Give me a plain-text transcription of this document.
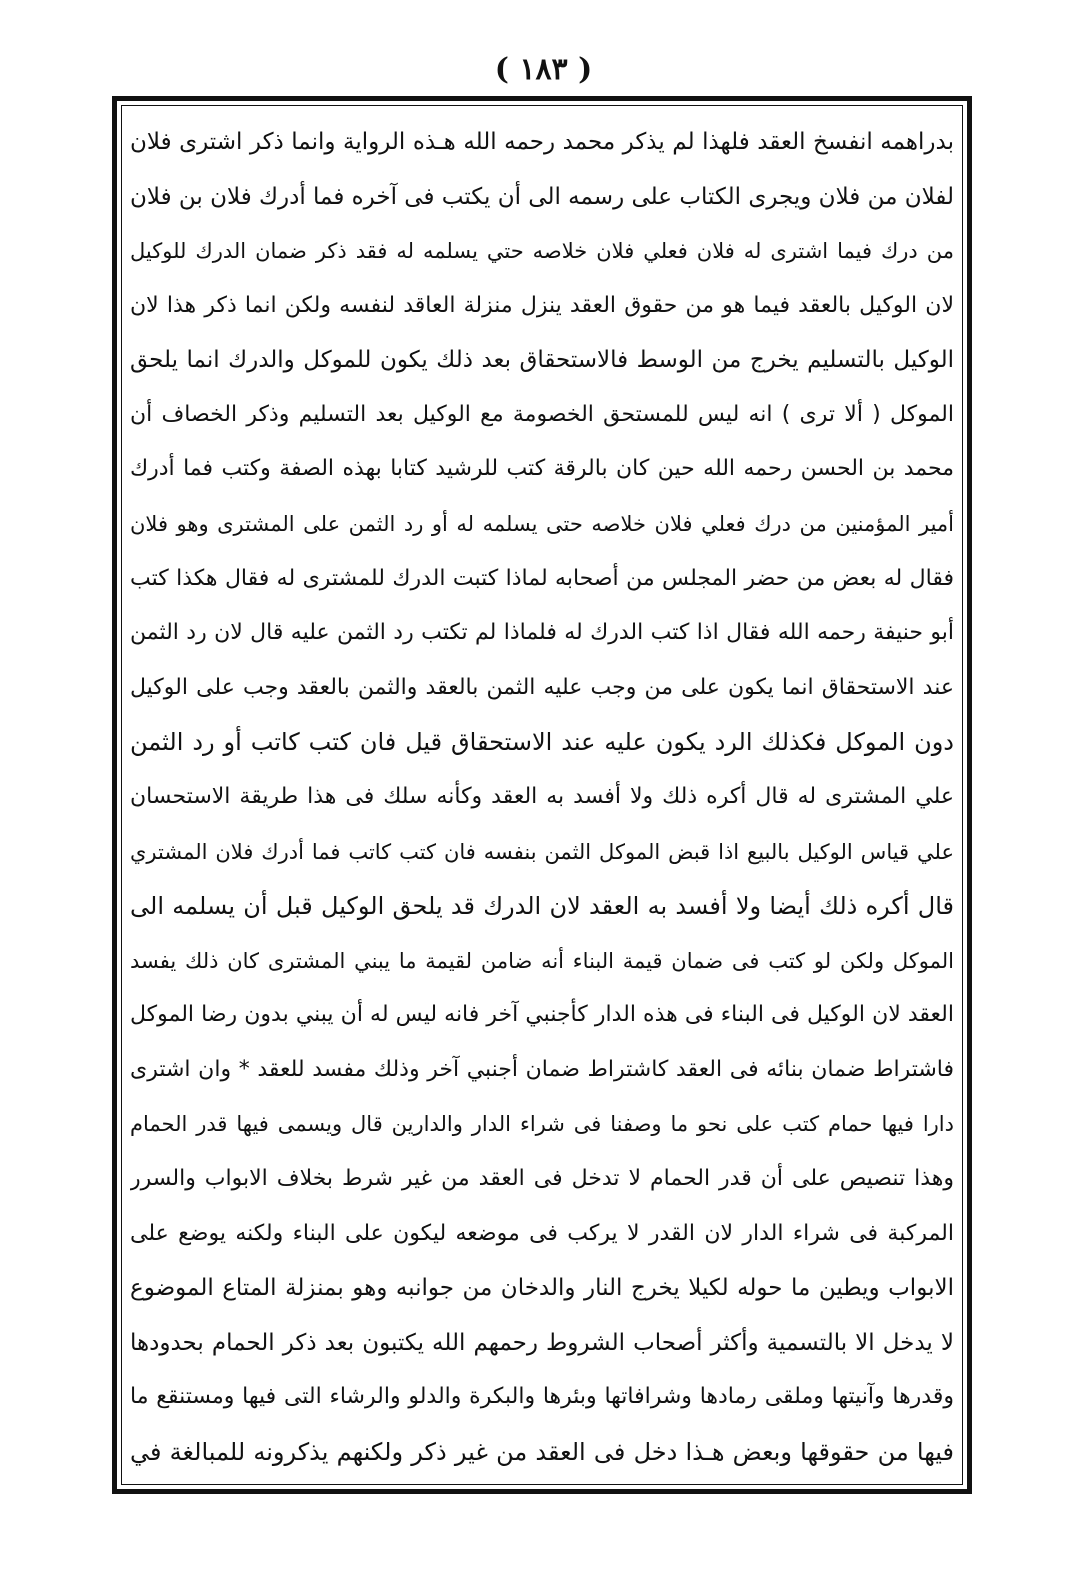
( ١٨٣ )
بدراهمه انفسخ العقد فلهذا لم يذكر محمد رحمه الله هـذه الرواية وانما ذكر اشترى فلان
لفلان من فلان ويجرى الكتاب على رسمه الى أن يكتب فى آخره فما أدرك فلان بن فلان
من درك فيما اشترى له فلان فعلي فلان خلاصه حتي يسلمه له فقد ذكر ضمان الدرك للوكيل
لان الوكيل بالعقد فيما هو من حقوق العقد ينزل منزلة العاقد لنفسه ولكن انما ذكر هذا لان
الوكيل بالتسليم يخرج من الوسط فالاستحقاق بعد ذلك يكون للموكل والدرك انما يلحق
الموكل ( ألا ترى ) انه ليس للمستحق الخصومة مع الوكيل بعد التسليم وذكر الخصاف أن
محمد بن الحسن رحمه الله حين كان بالرقة كتب للرشيد كتابا بهذه الصفة وكتب فما أدرك
أمير المؤمنين من درك فعلي فلان خلاصه حتى يسلمه له أو رد الثمن على المشترى وهو فلان
فقال له بعض من حضر المجلس من أصحابه لماذا كتبت الدرك للمشترى له فقال هكذا كتب
أبو حنيفة رحمه الله فقال اذا كتب الدرك له فلماذا لم تكتب رد الثمن عليه قال لان رد الثمن
عند الاستحقاق انما يكون على من وجب عليه الثمن بالعقد والثمن بالعقد وجب على الوكيل
دون الموكل فكذلك الرد يكون عليه عند الاستحقاق قيل فان كتب كاتب أو رد الثمن
علي المشترى له قال أكره ذلك ولا أفسد به العقد وكأنه سلك فى هذا طريقة الاستحسان
علي قياس الوكيل بالبيع اذا قبض الموكل الثمن بنفسه فان كتب كاتب فما أدرك فلان المشتري
قال أكره ذلك أيضا ولا أفسد به العقد لان الدرك قد يلحق الوكيل قبل أن يسلمه الى
الموكل ولكن لو كتب فى ضمان قيمة البناء أنه ضامن لقيمة ما يبني المشترى كان ذلك يفسد
العقد لان الوكيل فى البناء فى هذه الدار كأجنبي آخر فانه ليس له أن يبني بدون رضا الموكل
فاشتراط ضمان بنائه فى العقد كاشتراط ضمان أجنبي آخر وذلك مفسد للعقد * وان اشترى
دارا فيها حمام كتب على نحو ما وصفنا فى شراء الدار والدارين قال ويسمى فيها قدر الحمام
وهذا تنصيص على أن قدر الحمام لا تدخل فى العقد من غير شرط بخلاف الابواب والسرر
المركبة فى شراء الدار لان القدر لا يركب فى موضعه ليكون على البناء ولكنه يوضع على
الابواب ويطين ما حوله لكيلا يخرج النار والدخان من جوانبه وهو بمنزلة المتاع الموضوع
لا يدخل الا بالتسمية وأكثر أصحاب الشروط رحمهم الله يكتبون بعد ذكر الحمام بحدودها
وقدرها وآنيتها وملقى رمادها وشرافاتها وبئرها والبكرة والدلو والرشاء التى فيها ومستنقع ما
فيها من حقوقها وبعض هـذا دخل فى العقد من غير ذكر ولكنهم يذكرونه للمبالغة في
